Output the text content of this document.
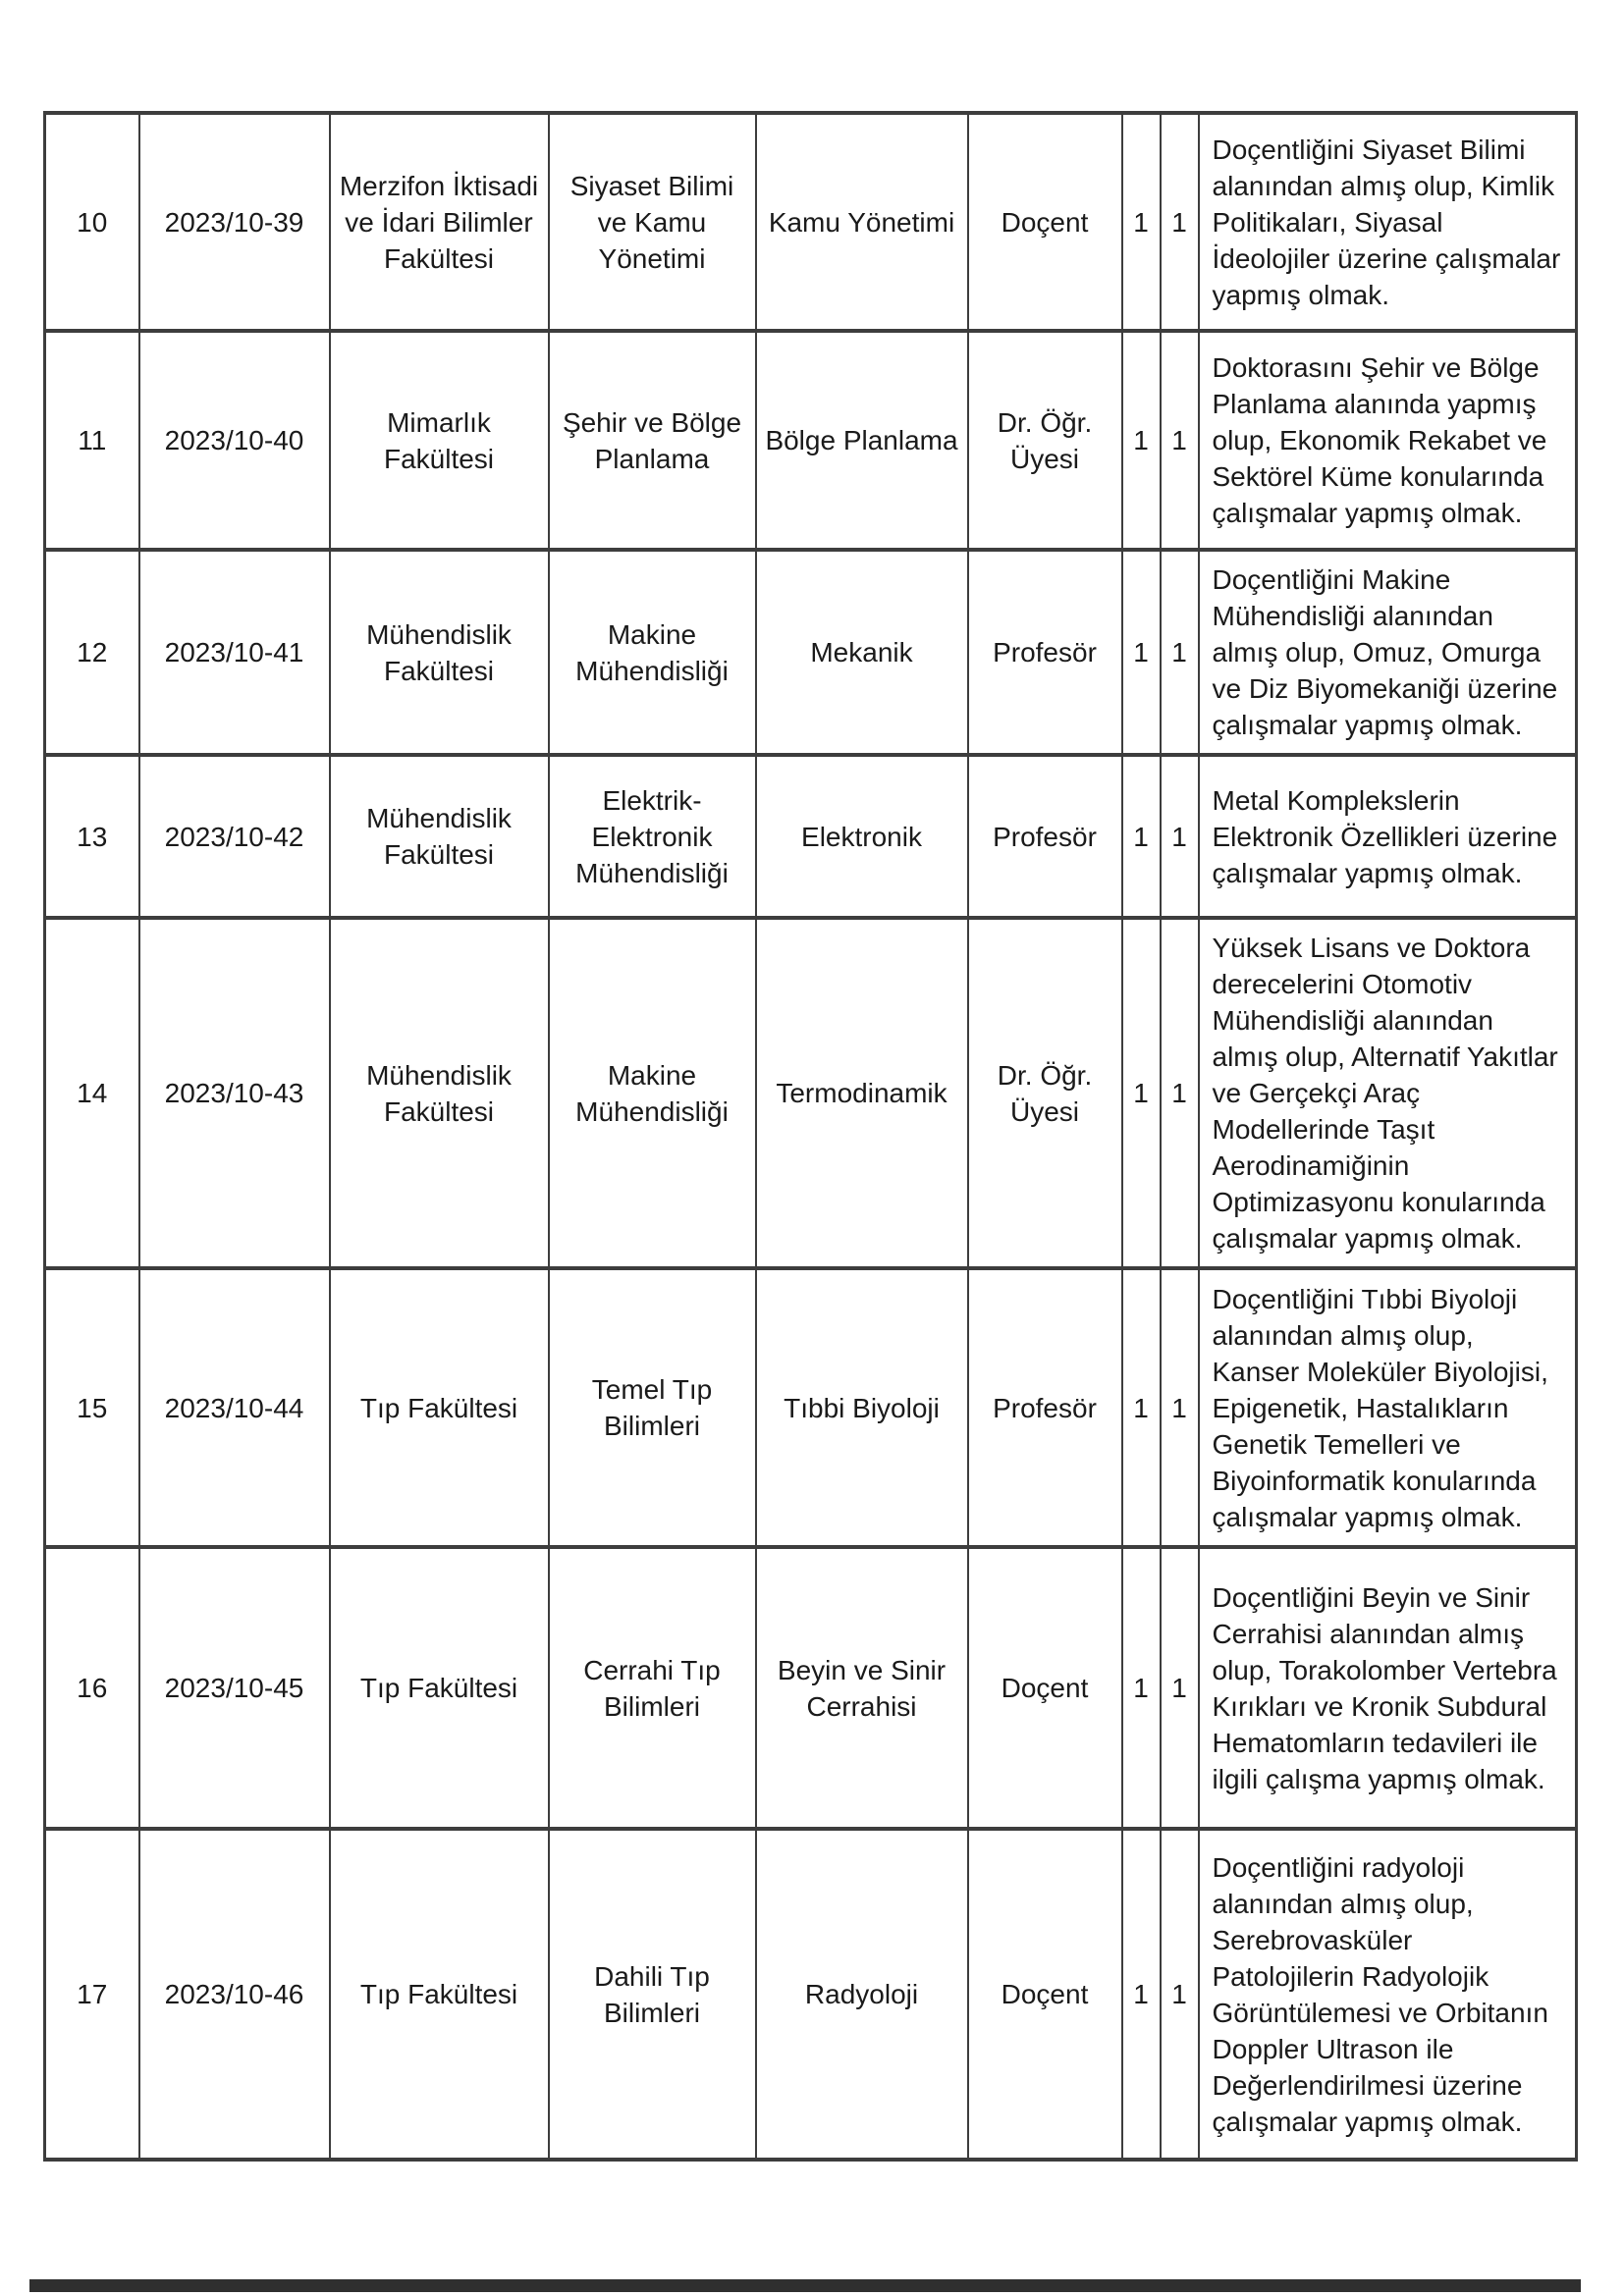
10	2023/10-39	Merzifon İktisadi ve İdari Bilimler Fakültesi	Siyaset Bilimi ve Kamu Yönetimi	Kamu Yönetimi	Doçent	1	1	Doçentliğini Siyaset Bilimi alanından almış olup, Kimlik Politikaları, Siyasal İdeolojiler üzerine çalışmalar yapmış olmak.
11	2023/10-40	Mimarlık Fakültesi	Şehir ve Bölge Planlama	Bölge Planlama	Dr. Öğr. Üyesi	1	1	Doktorasını Şehir ve Bölge Planlama alanında yapmış olup, Ekonomik Rekabet ve Sektörel Küme konularında çalışmalar yapmış olmak.
12	2023/10-41	Mühendislik Fakültesi	Makine Mühendisliği	Mekanik	Profesör	1	1	Doçentliğini Makine Mühendisliği alanından almış olup, Omuz, Omurga ve Diz Biyomekaniği üzerine çalışmalar yapmış olmak.
13	2023/10-42	Mühendislik Fakültesi	Elektrik-Elektronik Mühendisliği	Elektronik	Profesör	1	1	Metal Komplekslerin Elektronik Özellikleri üzerine çalışmalar yapmış olmak.
14	2023/10-43	Mühendislik Fakültesi	Makine Mühendisliği	Termodinamik	Dr. Öğr. Üyesi	1	1	Yüksek Lisans ve Doktora derecelerini Otomotiv Mühendisliği alanından almış olup, Alternatif Yakıtlar ve Gerçekçi Araç Modellerinde Taşıt Aerodinamiğinin Optimizasyonu konularında çalışmalar yapmış olmak.
15	2023/10-44	Tıp Fakültesi	Temel Tıp Bilimleri	Tıbbi Biyoloji	Profesör	1	1	Doçentliğini Tıbbi Biyoloji alanından almış olup, Kanser Moleküler Biyolojisi, Epigenetik, Hastalıkların Genetik Temelleri ve Biyoinformatik konularında çalışmalar yapmış olmak.
16	2023/10-45	Tıp Fakültesi	Cerrahi Tıp Bilimleri	Beyin ve Sinir Cerrahisi	Doçent	1	1	Doçentliğini Beyin ve Sinir Cerrahisi alanından almış olup, Torakolomber Vertebra Kırıkları ve Kronik Subdural Hematomların tedavileri ile ilgili çalışma yapmış olmak.
17	2023/10-46	Tıp Fakültesi	Dahili Tıp Bilimleri	Radyoloji	Doçent	1	1	Doçentliğini radyoloji alanından almış olup, Serebrovasküler Patolojilerin Radyolojik Görüntülemesi ve Orbitanın Doppler Ultrason ile Değerlendirilmesi üzerine çalışmalar yapmış olmak.
